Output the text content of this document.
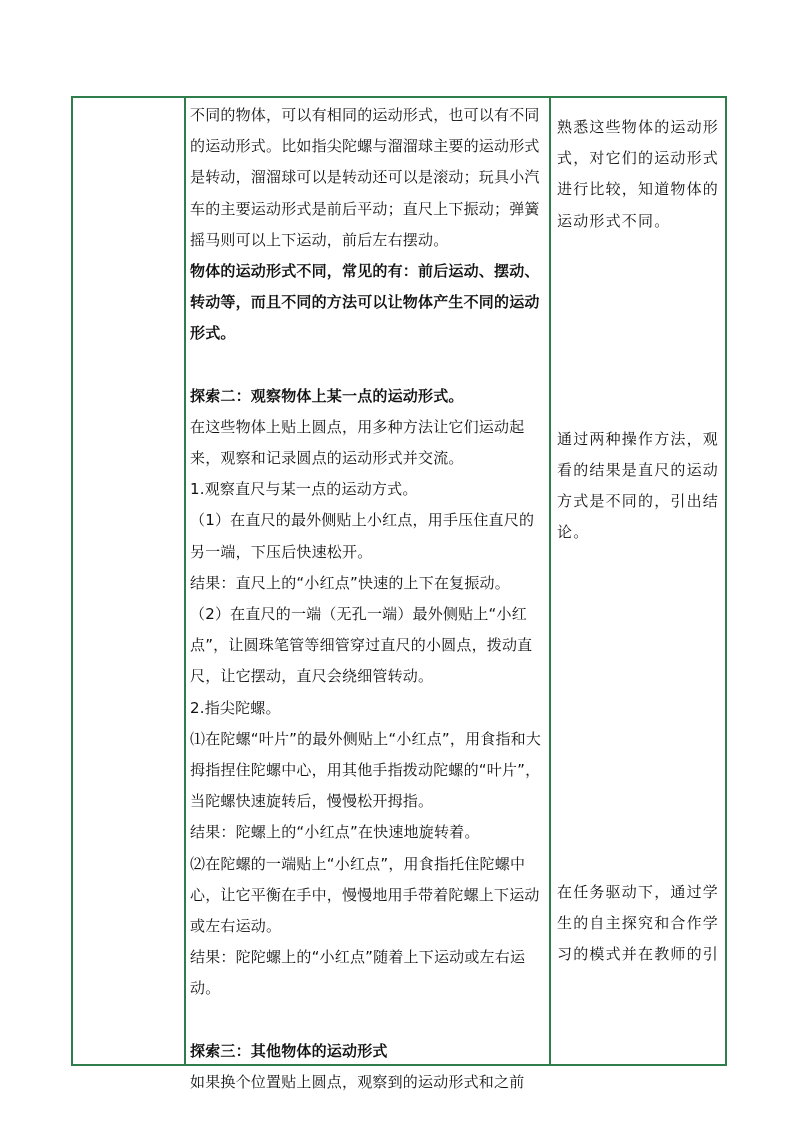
不同的物体，可以有相同的运动形式，也可以有不同的运动形式。比如指尖陀螺与溜溜球主要的运动形式是转动，溜溜球可以是转动还可以是滚动；玩具小汽车的主要运动形式是前后平动；直尺上下振动；弹簧摇马则可以上下运动，前后左右摆动。

物体的运动形式不同，常见的有：前后运动、摆动、转动等，而且不同的方法可以让物体产生不同的运动形式。

探索二：观察物体上某一点的运动形式。

在这些物体上贴上圆点，用多种方法让它们运动起来，观察和记录圆点的运动形式并交流。

1.观察直尺与某一点的运动方式。

（1）在直尺的最外侧贴上小红点，用手压住直尺的另一端，下压后快速松开。

结果：直尺上的“小红点”快速的上下在复振动。

（2）在直尺的一端（无孔一端）最外侧贴上“小红点”，让圆珠笔管等细管穿过直尺的小圆点，拨动直尺，让它摆动，直尺会绕细管转动。

2.指尖陀螺。

⑴在陀螺“叶片”的最外侧贴上“小红点”，用食指和大拇指捏住陀螺中心，用其他手指拨动陀螺的“叶片”，当陀螺快速旋转后，慢慢松开拇指。

结果：陀螺上的“小红点”在快速地旋转着。

⑵在陀螺的一端贴上“小红点”，用食指托住陀螺中心，让它平衡在手中，慢慢地用手带着陀螺上下运动或左右运动。

结果：陀陀螺上的“小红点”随着上下运动或左右运动。

探索三：其他物体的运动形式

如果换个位置贴上圆点，观察到的运动形式和之前

熟悉这些物体的运动形式，对它们的运动形式进行比较，知道物体的运动形式不同。

通过两种操作方法，观看的结果是直尺的运动方式是不同的，引出结论。

在任务驱动下，通过学生的自主探究和合作学习的模式并在教师的引
